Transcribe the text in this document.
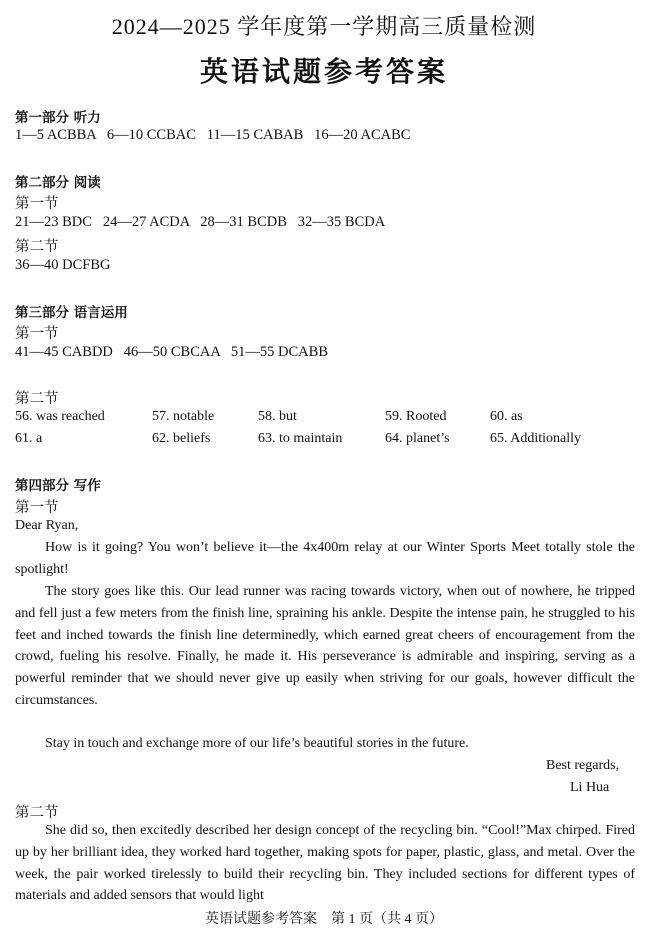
2024—2025 学年度第一学期高三质量检测
英语试题参考答案
第一部分 听力
1—5 ACBBA   6—10 CCBAC   11—15 CABAB   16—20 ACABC
第二部分 阅读
第一节
21—23 BDC   24—27 ACDA   28—31 BCDB   32—35 BCDA
第二节
36—40 DCFBG
第三部分 语言运用
第一节
41—45 CABDD   46—50 CBCAA   51—55 DCABB
第二节
56. was reached	57. notable	58. but	59. Rooted	60. as
61. a	62. beliefs	63. to maintain	64. planet’s	65. Additionally
第四部分 写作
第一节
Dear Ryan,
How is it going? You won’t believe it—the 4x400m relay at our Winter Sports Meet totally stole the spotlight!
The story goes like this. Our lead runner was racing towards victory, when out of nowhere, he tripped and fell just a few meters from the finish line, spraining his ankle. Despite the intense pain, he struggled to his feet and inched towards the finish line determinedly, which earned great cheers of encouragement from the crowd, fueling his resolve. Finally, he made it. His perseverance is admirable and inspiring, serving as a powerful reminder that we should never give up easily when striving for our goals, however difficult the circumstances.
Stay in touch and exchange more of our life’s beautiful stories in the future.
Best regards,
Li Hua
第二节
She did so, then excitedly described her design concept of the recycling bin. “Cool!”Max chirped. Fired up by her brilliant idea, they worked hard together, making spots for paper, plastic, glass, and metal. Over the week, the pair worked tirelessly to build their recycling bin. They included sections for different types of materials and added sensors that would light
英语试题参考答案    第 1 页（共 4 页）
